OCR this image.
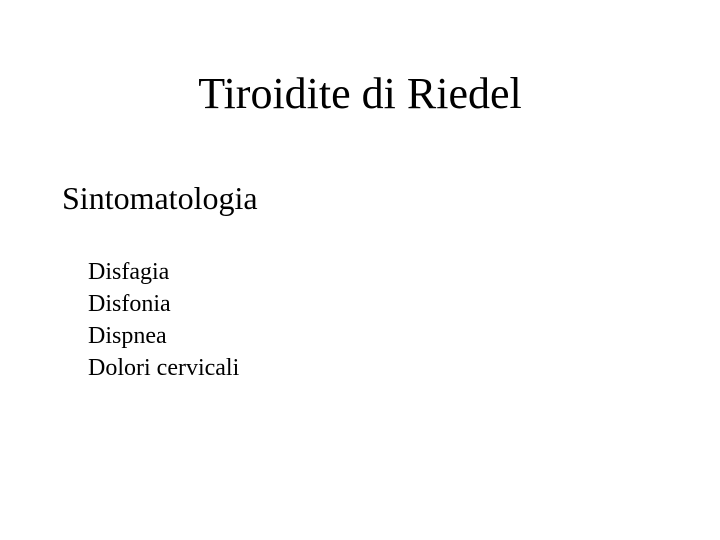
Tiroidite di Riedel
Sintomatologia
Disfagia
Disfonia
Dispnea
Dolori cervicali
